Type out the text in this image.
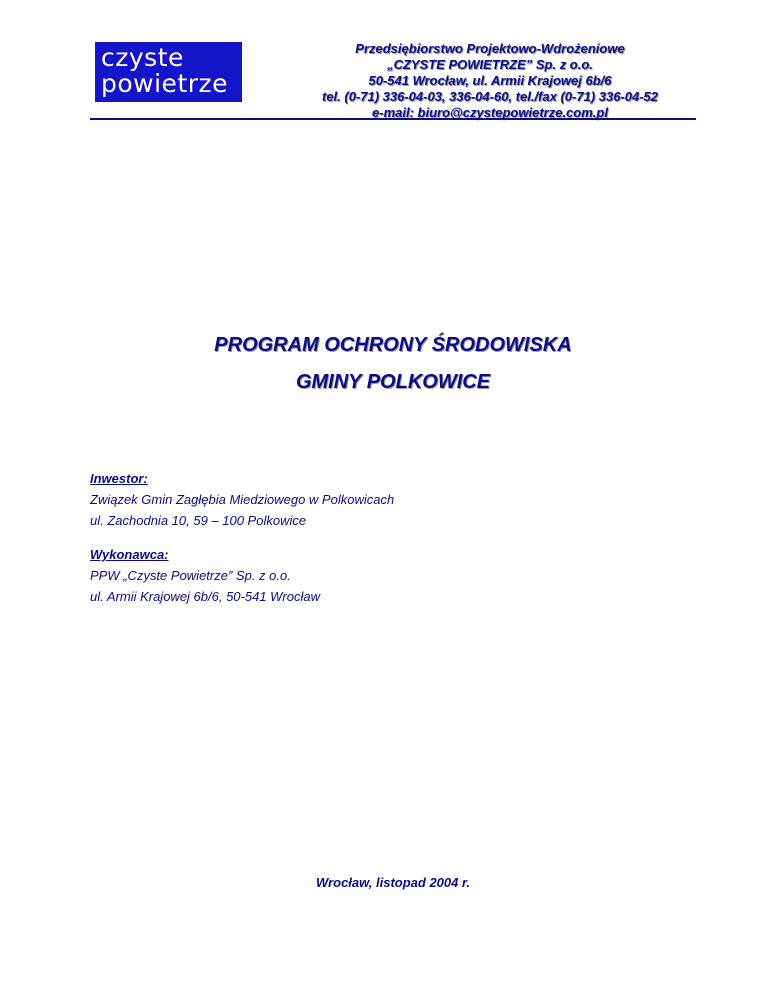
czyste
powietrze
Przedsiębiorstwo Projektowo-Wdrożeniowe
„CZYSTE POWIETRZE” Sp. z o.o.
50-541 Wrocław, ul. Armii Krajowej 6b/6
tel. (0-71) 336-04-03, 336-04-60, tel./fax (0-71) 336-04-52
e-mail: biuro@czystepowietrze.com.pl
PROGRAM OCHRONY ŚRODOWISKA
GMINY POLKOWICE
Inwestor:
Związek Gmin Zagłębia Miedziowego w Polkowicach
ul. Zachodnia 10, 59 – 100 Polkowice
Wykonawca:
PPW „Czyste Powietrze” Sp. z o.o.
ul. Armii Krajowej 6b/6, 50-541 Wrocław
Wrocław, listopad 2004 r.
